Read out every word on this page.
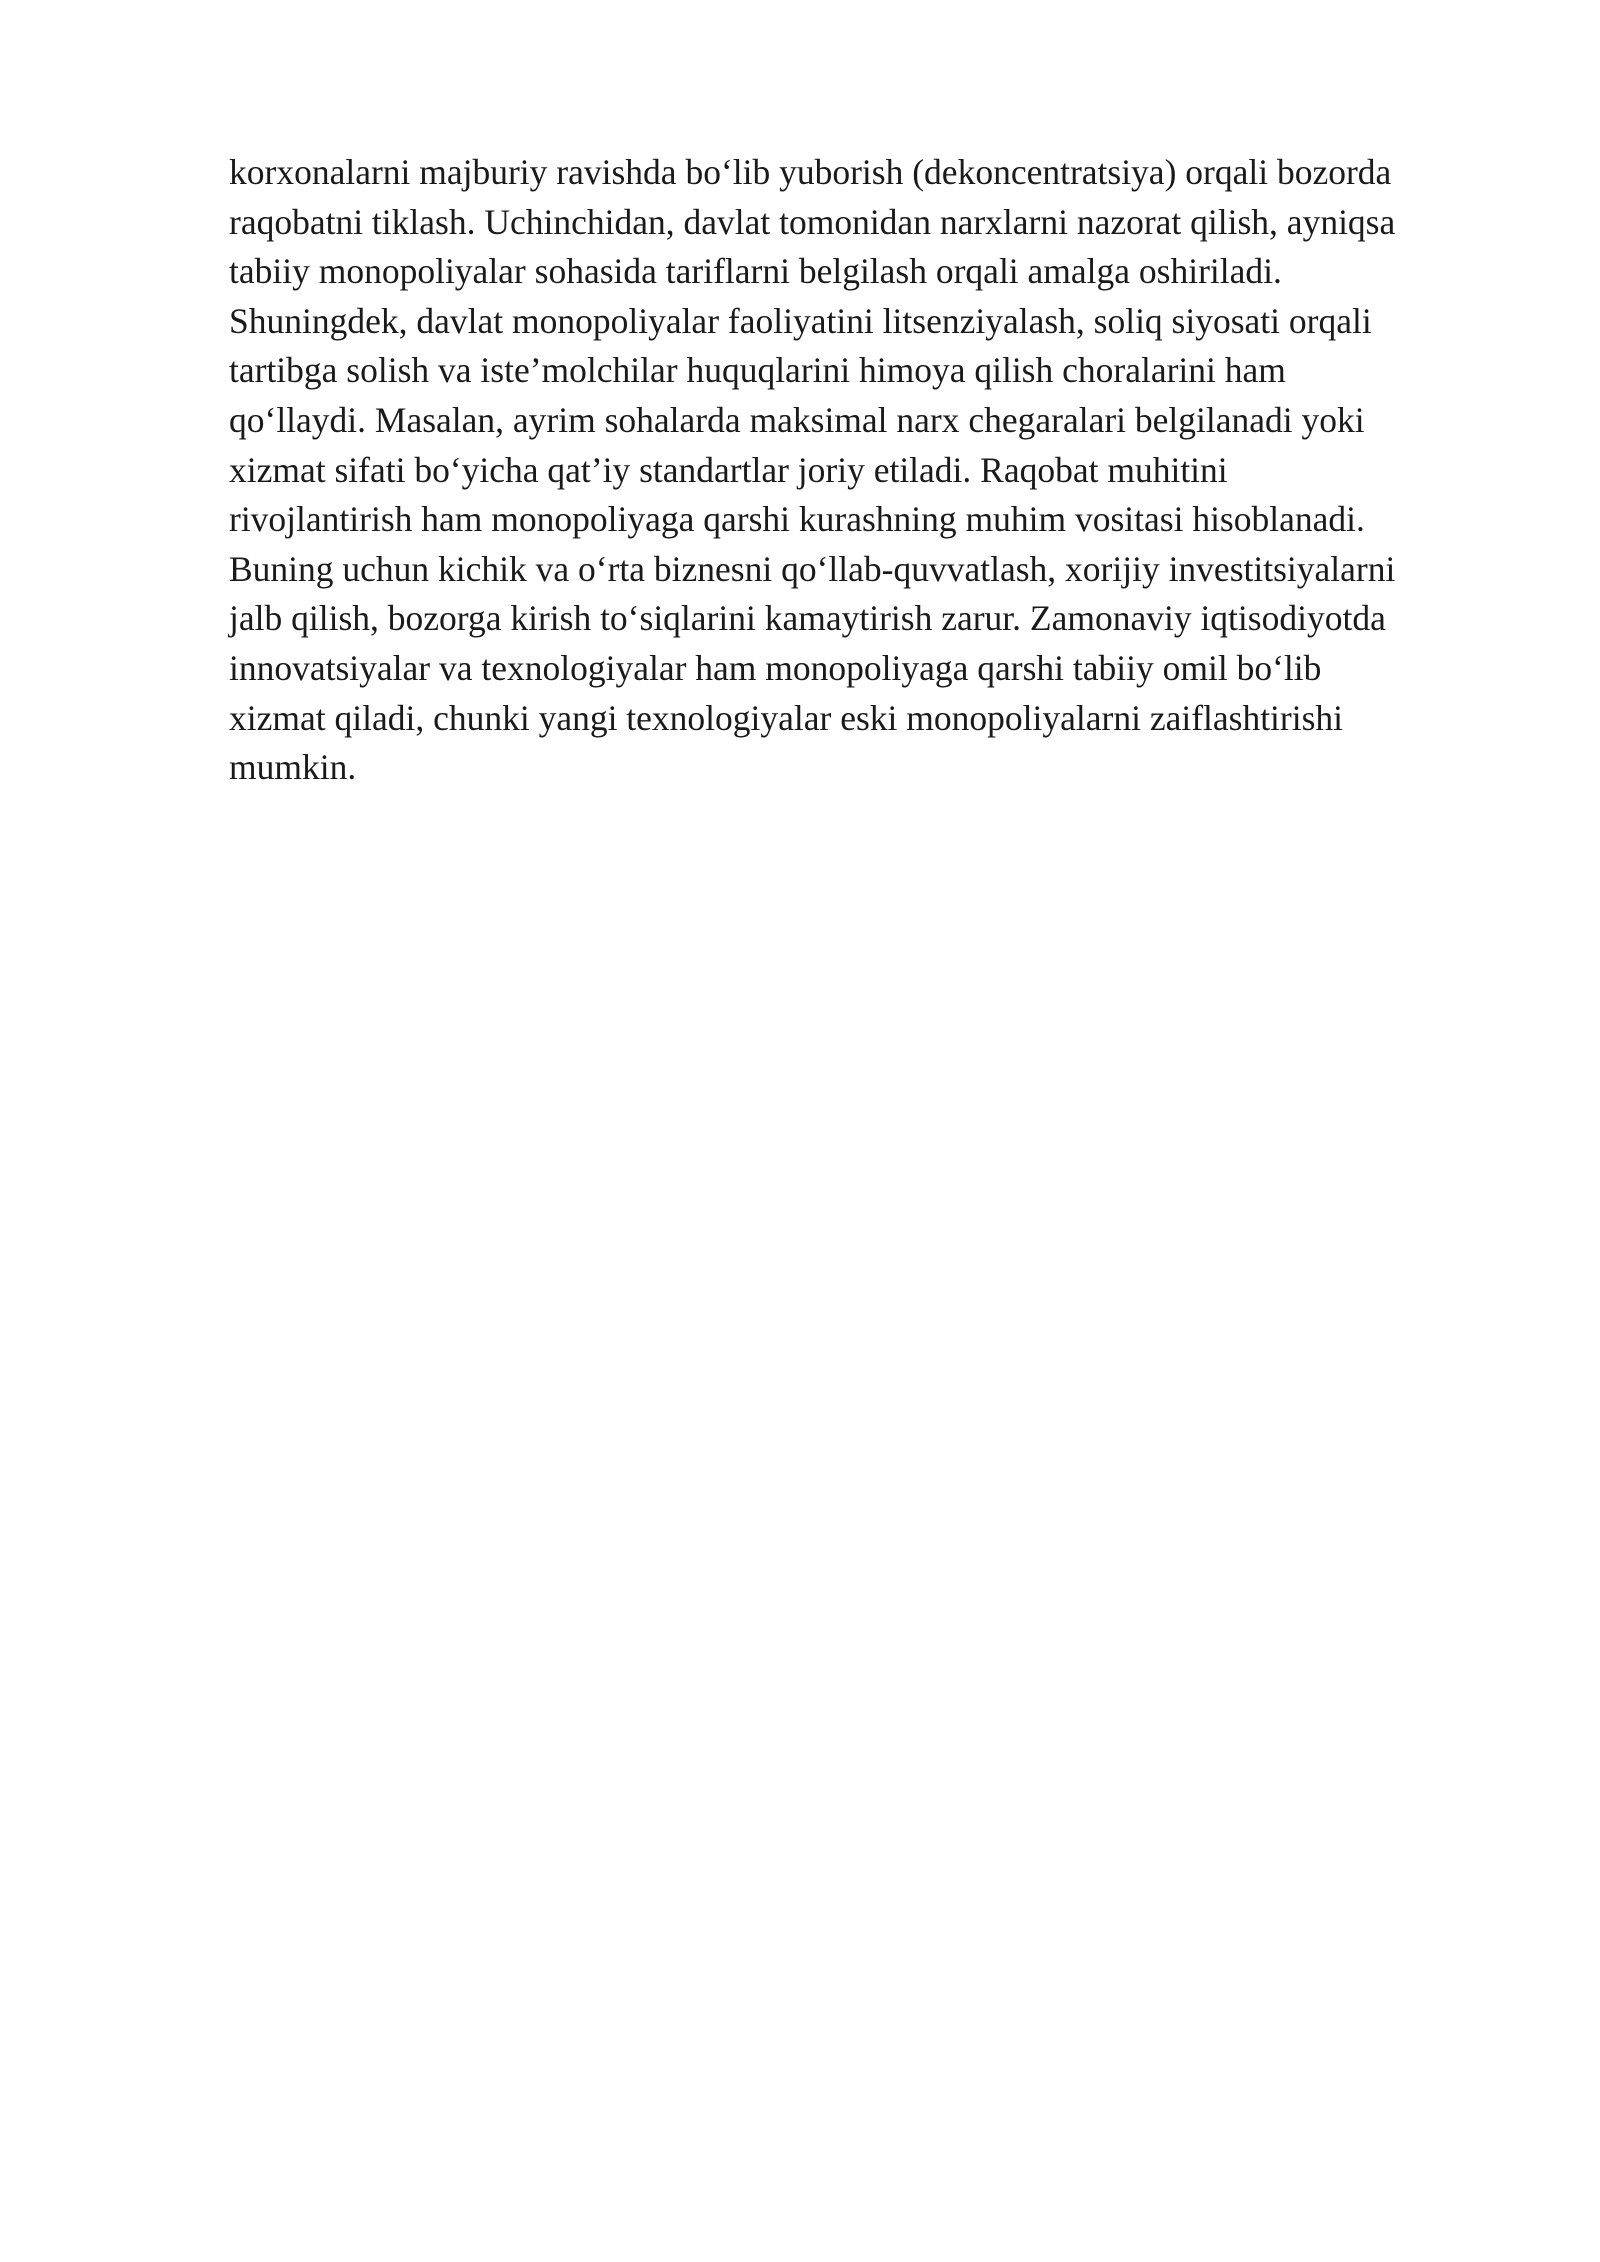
korxonalarni majburiy ravishda bo‘lib yuborish (dekoncentratsiya) orqali bozorda
raqobatni tiklash. Uchinchidan, davlat tomonidan narxlarni nazorat qilish, ayniqsa
tabiiy monopoliyalar sohasida tariflarni belgilash orqali amalga oshiriladi.
Shuningdek, davlat monopoliyalar faoliyatini litsenziyalash, soliq siyosati orqali
tartibga solish va iste’molchilar huquqlarini himoya qilish choralarini ham
qo‘llaydi. Masalan, ayrim sohalarda maksimal narx chegaralari belgilanadi yoki
xizmat sifati bo‘yicha qat’iy standartlar joriy etiladi. Raqobat muhitini
rivojlantirish ham monopoliyaga qarshi kurashning muhim vositasi hisoblanadi.
Buning uchun kichik va o‘rta biznesni qo‘llab-quvvatlash, xorijiy investitsiyalarni
jalb qilish, bozorga kirish to‘siqlarini kamaytirish zarur. Zamonaviy iqtisodiyotda
innovatsiyalar va texnologiyalar ham monopoliyaga qarshi tabiiy omil bo‘lib
xizmat qiladi, chunki yangi texnologiyalar eski monopoliyalarni zaiflashtirishi
mumkin.
